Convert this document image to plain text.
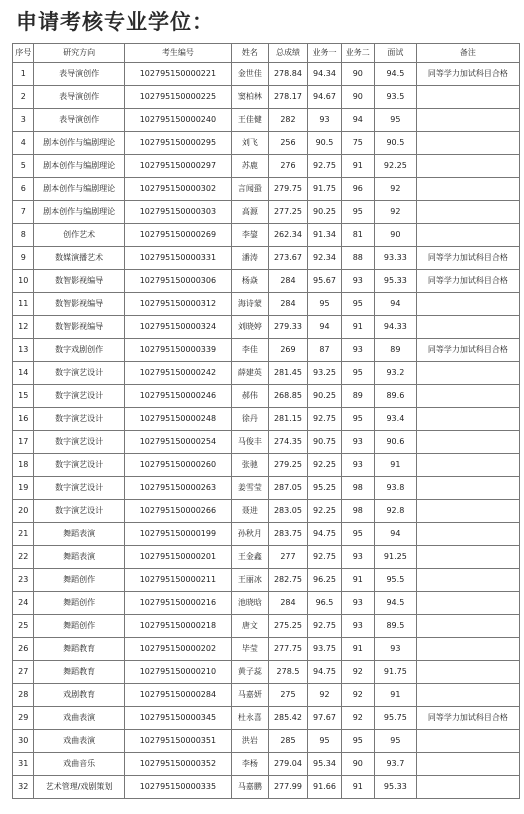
申请考核专业学位：
序号	研究方向	考生编号	姓名	总成绩	业务一	业务二	面试	备注
1	表导演创作	102795150000221	金世佳	278.84	94.34	90	94.5	同等学力加试科目合格
2	表导演创作	102795150000225	窦柏林	278.17	94.67	90	93.5	
3	表导演创作	102795150000240	王佳健	282	93	94	95	
4	剧本创作与编剧理论	102795150000295	刘飞	256	90.5	75	90.5	
5	剧本创作与编剧理论	102795150000297	苏鹿	276	92.75	91	92.25	
6	剧本创作与编剧理论	102795150000302	言闻蛩	279.75	91.75	96	92	
7	剧本创作与编剧理论	102795150000303	高源	277.25	90.25	95	92	
8	创作艺术	102795150000269	李鋆	262.34	91.34	81	90	
9	数媒演播艺术	102795150000331	潘涛	273.67	92.34	88	93.33	同等学力加试科目合格
10	数智影视编导	102795150000306	杨焱	284	95.67	93	95.33	同等学力加试科目合格
11	数智影视编导	102795150000312	海诗蒙	284	95	95	94	
12	数智影视编导	102795150000324	刘晓婷	279.33	94	91	94.33	
13	数字戏剧创作	102795150000339	李佳	269	87	93	89	同等学力加试科目合格
14	数字演艺设计	102795150000242	薛建英	281.45	93.25	95	93.2	
15	数字演艺设计	102795150000246	郝伟	268.85	90.25	89	89.6	
16	数字演艺设计	102795150000248	徐丹	281.15	92.75	95	93.4	
17	数字演艺设计	102795150000254	马俊丰	274.35	90.75	93	90.6	
18	数字演艺设计	102795150000260	张驰	279.25	92.25	93	91	
19	数字演艺设计	102795150000263	姜雪莹	287.05	95.25	98	93.8	
20	数字演艺设计	102795150000266	聂进	283.05	92.25	98	92.8	
21	舞蹈表演	102795150000199	孙秋月	283.75	94.75	95	94	
22	舞蹈表演	102795150000201	王金鑫	277	92.75	93	91.25	
23	舞蹈创作	102795150000211	王丽冰	282.75	96.25	91	95.5	
24	舞蹈创作	102795150000216	池晓晗	284	96.5	93	94.5	
25	舞蹈创作	102795150000218	唐文	275.25	92.75	93	89.5	
26	舞蹈教育	102795150000202	毕莹	277.75	93.75	91	93	
27	舞蹈教育	102795150000210	黄子蕊	278.5	94.75	92	91.75	
28	戏剧教育	102795150000284	马嘉妍	275	92	92	91	
29	戏曲表演	102795150000345	杜永喜	285.42	97.67	92	95.75	同等学力加试科目合格
30	戏曲表演	102795150000351	洪岩	285	95	95	95	
31	戏曲音乐	102795150000352	李杨	279.04	95.34	90	93.7	
32	艺术管理/戏剧策划	102795150000335	马嘉鹏	277.99	91.66	91	95.33	
